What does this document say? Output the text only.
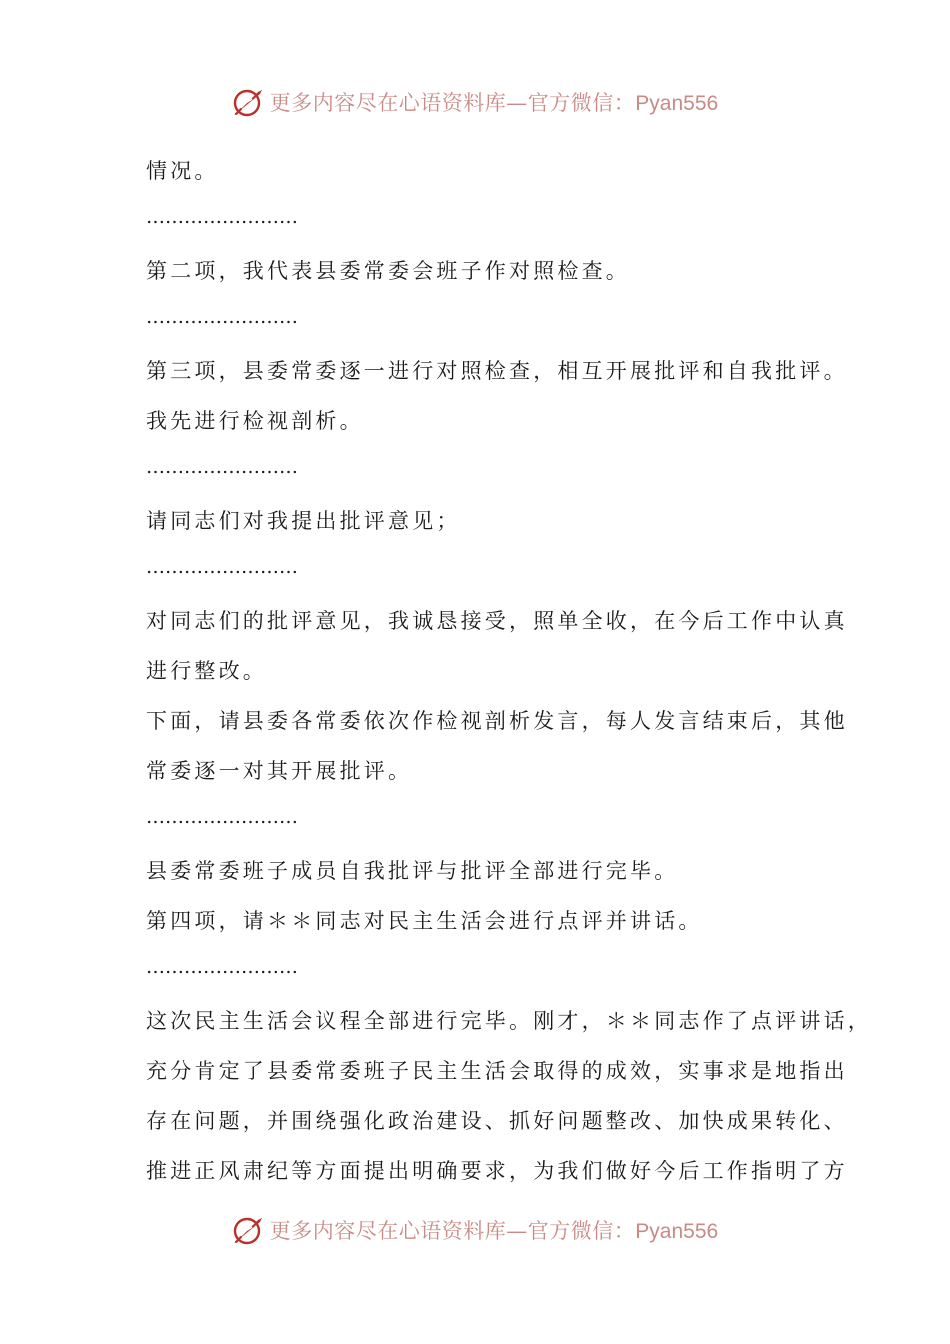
更多内容尽在心语资料库—官方微信：Pyan556
情况。
……………………
第二项，我代表县委常委会班子作对照检查。
……………………
第三项，县委常委逐一进行对照检查，相互开展批评和自我批评。
我先进行检视剖析。
……………………
请同志们对我提出批评意见；
……………………
对同志们的批评意见，我诚恳接受，照单全收，在今后工作中认真
进行整改。
下面，请县委各常委依次作检视剖析发言，每人发言结束后，其他
常委逐一对其开展批评。
……………………
县委常委班子成员自我批评与批评全部进行完毕。
第四项，请＊＊同志对民主生活会进行点评并讲话。
……………………
这次民主生活会议程全部进行完毕。刚才，＊＊同志作了点评讲话，
充分肯定了县委常委班子民主生活会取得的成效，实事求是地指出
存在问题，并围绕强化政治建设、抓好问题整改、加快成果转化、
推进正风肃纪等方面提出明确要求，为我们做好今后工作指明了方
更多内容尽在心语资料库—官方微信：Pyan556
